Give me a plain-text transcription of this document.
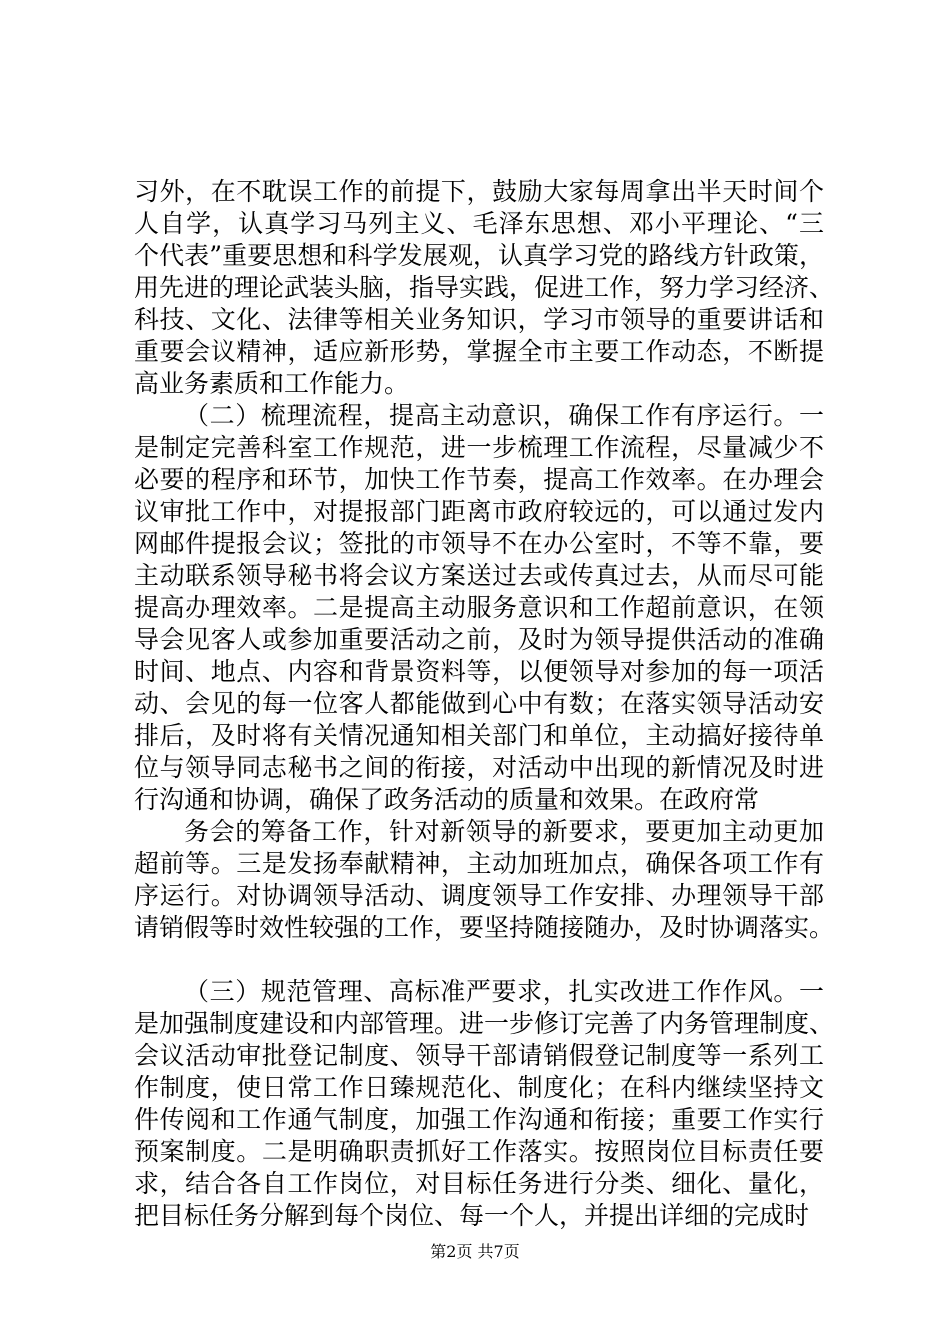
习外，在不耽误工作的前提下，鼓励大家每周拿出半天时间个
人自学，认真学习马列主义、毛泽东思想、邓小平理论、“三
个代表”重要思想和科学发展观，认真学习党的路线方针政策，
用先进的理论武装头脑，指导实践，促进工作，努力学习经济、
科技、文化、法律等相关业务知识，学习市领导的重要讲话和
重要会议精神，适应新形势，掌握全市主要工作动态，不断提
高业务素质和工作能力。
（二）梳理流程，提高主动意识，确保工作有序运行。一
是制定完善科室工作规范，进一步梳理工作流程，尽量减少不
必要的程序和环节，加快工作节奏，提高工作效率。在办理会
议审批工作中，对提报部门距离市政府较远的，可以通过发内
网邮件提报会议；签批的市领导不在办公室时，不等不靠，要
主动联系领导秘书将会议方案送过去或传真过去，从而尽可能
提高办理效率。二是提高主动服务意识和工作超前意识，在领
导会见客人或参加重要活动之前，及时为领导提供活动的准确
时间、地点、内容和背景资料等，以便领导对参加的每一项活
动、会见的每一位客人都能做到心中有数；在落实领导活动安
排后，及时将有关情况通知相关部门和单位，主动搞好接待单
位与领导同志秘书之间的衔接，对活动中出现的新情况及时进
行沟通和协调，确保了政务活动的质量和效果。在政府常
务会的筹备工作，针对新领导的新要求，要更加主动更加
超前等。三是发扬奉献精神，主动加班加点，确保各项工作有
序运行。对协调领导活动、调度领导工作安排、办理领导干部
请销假等时效性较强的工作，要坚持随接随办，及时协调落实。
（三）规范管理、高标准严要求，扎实改进工作作风。一
是加强制度建设和内部管理。进一步修订完善了内务管理制度、
会议活动审批登记制度、领导干部请销假登记制度等一系列工
作制度，使日常工作日臻规范化、制度化；在科内继续坚持文
件传阅和工作通气制度，加强工作沟通和衔接；重要工作实行
预案制度。二是明确职责抓好工作落实。按照岗位目标责任要
求，结合各自工作岗位，对目标任务进行分类、细化、量化，
把目标任务分解到每个岗位、每一个人，并提出详细的完成时
第2页 共7页
